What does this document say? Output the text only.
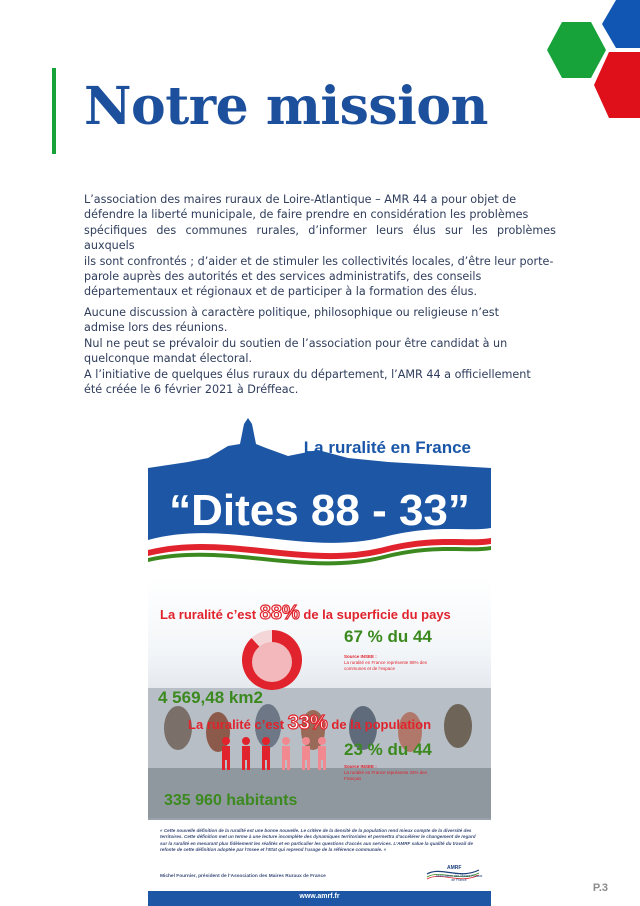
Notre mission

L’association des maires ruraux de Loire-Atlantique – AMR 44 a pour objet de
défendre la liberté municipale, de faire prendre en considération les problèmes
spécifiques des communes rurales, d’informer leurs élus sur les problèmes auxquels
ils sont confrontés ; d’aider et de stimuler les collectivités locales, d’être leur porte-
parole auprès des autorités et des services administratifs, des conseils
départementaux et régionaux et de participer à la formation des élus.

Aucune discussion à caractère politique, philosophique ou religieuse n’est
admise lors des réunions.
Nul ne peut se prévaloir du soutien de l’association pour être candidat à un
quelconque mandat électoral.
A l’initiative de quelques élus ruraux du département, l’AMR 44 a officiellement
été créée le 6 février 2021 à Dréffeac.

La ruralité en France
“Dites 88 - 33”
La ruralité c’est 88% de la superficie du pays
67 % du 44
Source INSEE :
La ruralité en France représente 88% des
communes et de l’espace
4 569,48 km2
La ruralité c’est 33% de la population
23 % du 44
Source INSEE :
La ruralité en France représente 33% des
Français
335 960 habitants
« Cette nouvelle définition de la ruralité est une bonne nouvelle. Le critère de la densité de la population rend mieux compte de la diversité des territoires. Cette définition met un terme à une lecture incomplète des dynamiques territoriales et permettra d’accélérer le changement de regard sur la ruralité en mesurant plus fidèlement les réalités et en particulier les questions d’accès aux services. L’AMRF salue la qualité du travail de refonte de cette définition adoptée par l’Insee et l’Etat qui reprend l’usage de la référence communale. »
Michel Fournier, président de l’Association des Maires Ruraux de France
AMRF
Association des Maires Ruraux de France
www.amrf.fr
P.3
